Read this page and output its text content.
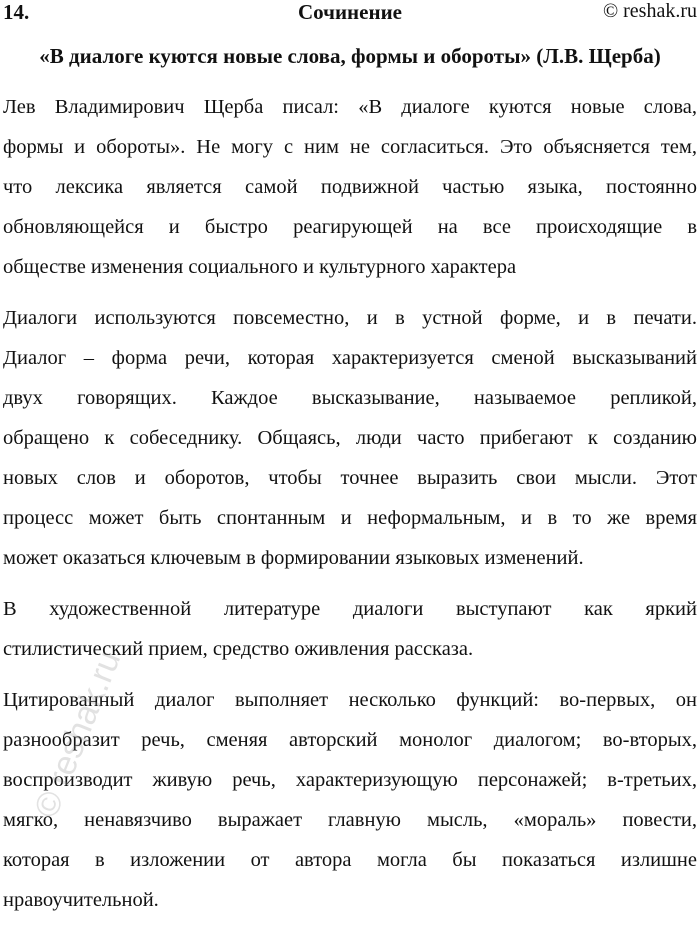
14.	Сочинение	© reshak.ru
«В диалоге куются новые слова, формы и обороты» (Л.В. Щерба)
Лев Владимирович Щерба писал: «В диалоге куются новые слова,
формы и обороты». Не могу с ним не согласиться. Это объясняется тем,
что лексика является самой подвижной частью языка, постоянно
обновляющейся и быстро реагирующей на все происходящие в
обществе изменения социального и культурного характера
Диалоги используются повсеместно, и в устной форме, и в печати.
Диалог – форма речи, которая характеризуется сменой высказываний
двух говорящих. Каждое высказывание, называемое репликой,
обращено к собеседнику. Общаясь, люди часто прибегают к созданию
новых слов и оборотов, чтобы точнее выразить свои мысли. Этот
процесс может быть спонтанным и неформальным, и в то же время
может оказаться ключевым в формировании языковых изменений.
В художественной литературе диалоги выступают как яркий
стилистический прием, средство оживления рассказа.
Цитированный диалог выполняет несколько функций: во-первых, он
разнообразит речь, сменяя авторский монолог диалогом; во-вторых,
воспроизводит живую речь, характеризующую персонажей; в-третьих,
мягко, ненавязчиво выражает главную мысль, «мораль» повести,
которая в изложении от автора могла бы показаться излишне
нравоучительной.
© reshak.ru
